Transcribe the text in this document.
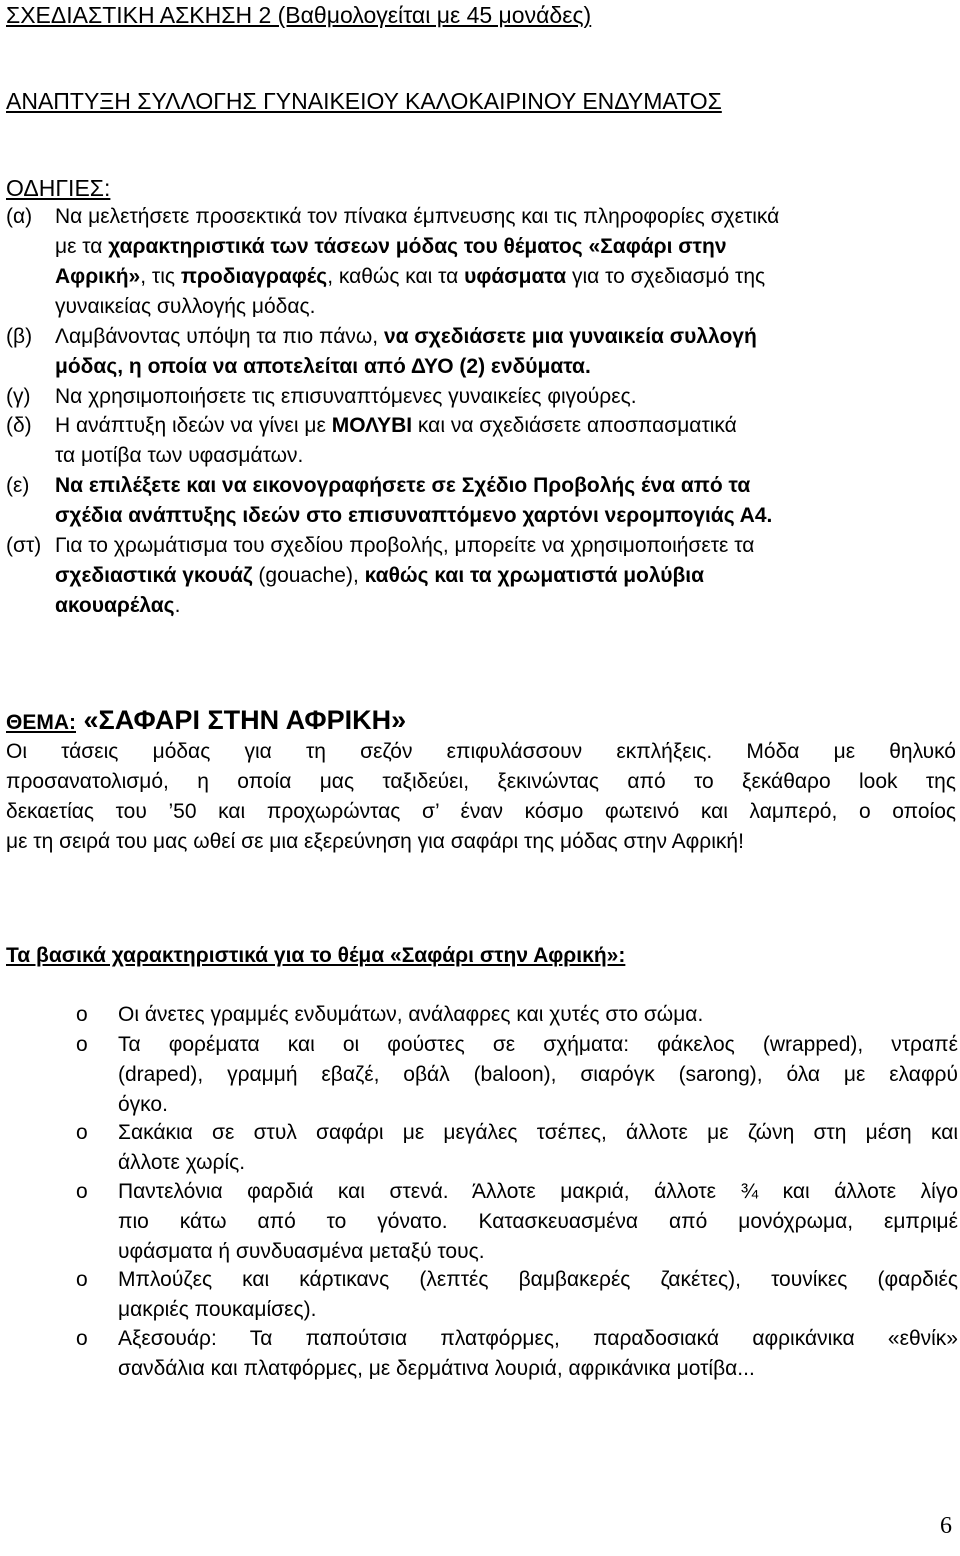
ΣΧΕΔΙΑΣΤΙΚΗ ΑΣΚΗΣΗ 2 (Βαθμολογείται με 45 μονάδες)
ΑΝΑΠΤΥΞΗ ΣΥΛΛΟΓΗΣ ΓΥΝΑΙΚΕΙΟΥ ΚΑΛΟΚΑΙΡΙΝΟΥ ΕΝΔΥΜΑΤΟΣ
ΟΔΗΓΙΕΣ:
(α) Να μελετήσετε προσεκτικά τον πίνακα έμπνευσης και τις πληροφορίες σχετικά
με τα χαρακτηριστικά των τάσεων μόδας του θέματος «Σαφάρι στην
Αφρική», τις προδιαγραφές, καθώς και τα υφάσματα για το σχεδιασμό της
γυναικείας συλλογής μόδας.
(β) Λαμβάνοντας υπόψη τα πιο πάνω, να σχεδιάσετε μια γυναικεία συλλογή
μόδας, η οποία να αποτελείται από ΔΥΟ (2) ενδύματα.
(γ) Να χρησιμοποιήσετε τις επισυναπτόμενες γυναικείες φιγούρες.
(δ) Η ανάπτυξη ιδεών να γίνει με ΜΟΛΥΒΙ και να σχεδιάσετε αποσπασματικά
τα μοτίβα των υφασμάτων.
(ε) Να επιλέξετε και να εικονογραφήσετε σε Σχέδιο Προβολής ένα από τα
σχέδια ανάπτυξης ιδεών στο επισυναπτόμενο χαρτόνι νερομπογιάς Α4.
(στ) Για το χρωμάτισμα του σχεδίου προβολής, μπορείτε να χρησιμοποιήσετε τα
σχεδιαστικά γκουάζ (gouache), καθώς και τα χρωματιστά μολύβια
ακουαρέλας.
ΘΕΜΑ: «ΣΑΦΑΡΙ ΣΤΗΝ ΑΦΡΙΚΗ»
Οι τάσεις μόδας για τη σεζόν επιφυλάσσουν εκπλήξεις. Μόδα με θηλυκό
προσανατολισμό, η οποία μας ταξιδεύει, ξεκινώντας από το ξεκάθαρο look της
δεκαετίας του ’50 και προχωρώντας σ’ έναν κόσμο φωτεινό και λαμπερό, ο οποίος
με τη σειρά του μας ωθεί σε μια εξερεύνηση για σαφάρι της μόδας στην Αφρική!
Τα βασικά χαρακτηριστικά για το θέμα «Σαφάρι στην Αφρική»:
o Οι άνετες γραμμές ενδυμάτων, ανάλαφρες και χυτές στο σώμα.
o Τα φορέματα και οι φούστες σε σχήματα: φάκελος (wrapped), ντραπέ
(draped), γραμμή εβαζέ, οβάλ (baloon), σιαρόγκ (sarong), όλα με ελαφρύ
όγκο.
o Σακάκια σε στυλ σαφάρι με μεγάλες τσέπες, άλλοτε με ζώνη στη μέση και
άλλοτε χωρίς.
o Παντελόνια φαρδιά και στενά. Άλλοτε μακριά, άλλοτε ¾ και άλλοτε λίγο
πιο κάτω από το γόνατο. Κατασκευασμένα από μονόχρωμα, εμπριμέ
υφάσματα ή συνδυασμένα μεταξύ τους.
o Μπλούζες και κάρτικανς (λεπτές βαμβακερές ζακέτες), τουνίκες (φαρδιές
μακριές πουκαμίσες).
o Αξεσουάρ: Τα παπούτσια πλατφόρμες, παραδοσιακά αφρικάνικα «εθνίκ»
σανδάλια και πλατφόρμες, με δερμάτινα λουριά, αφρικάνικα μοτίβα...
6
